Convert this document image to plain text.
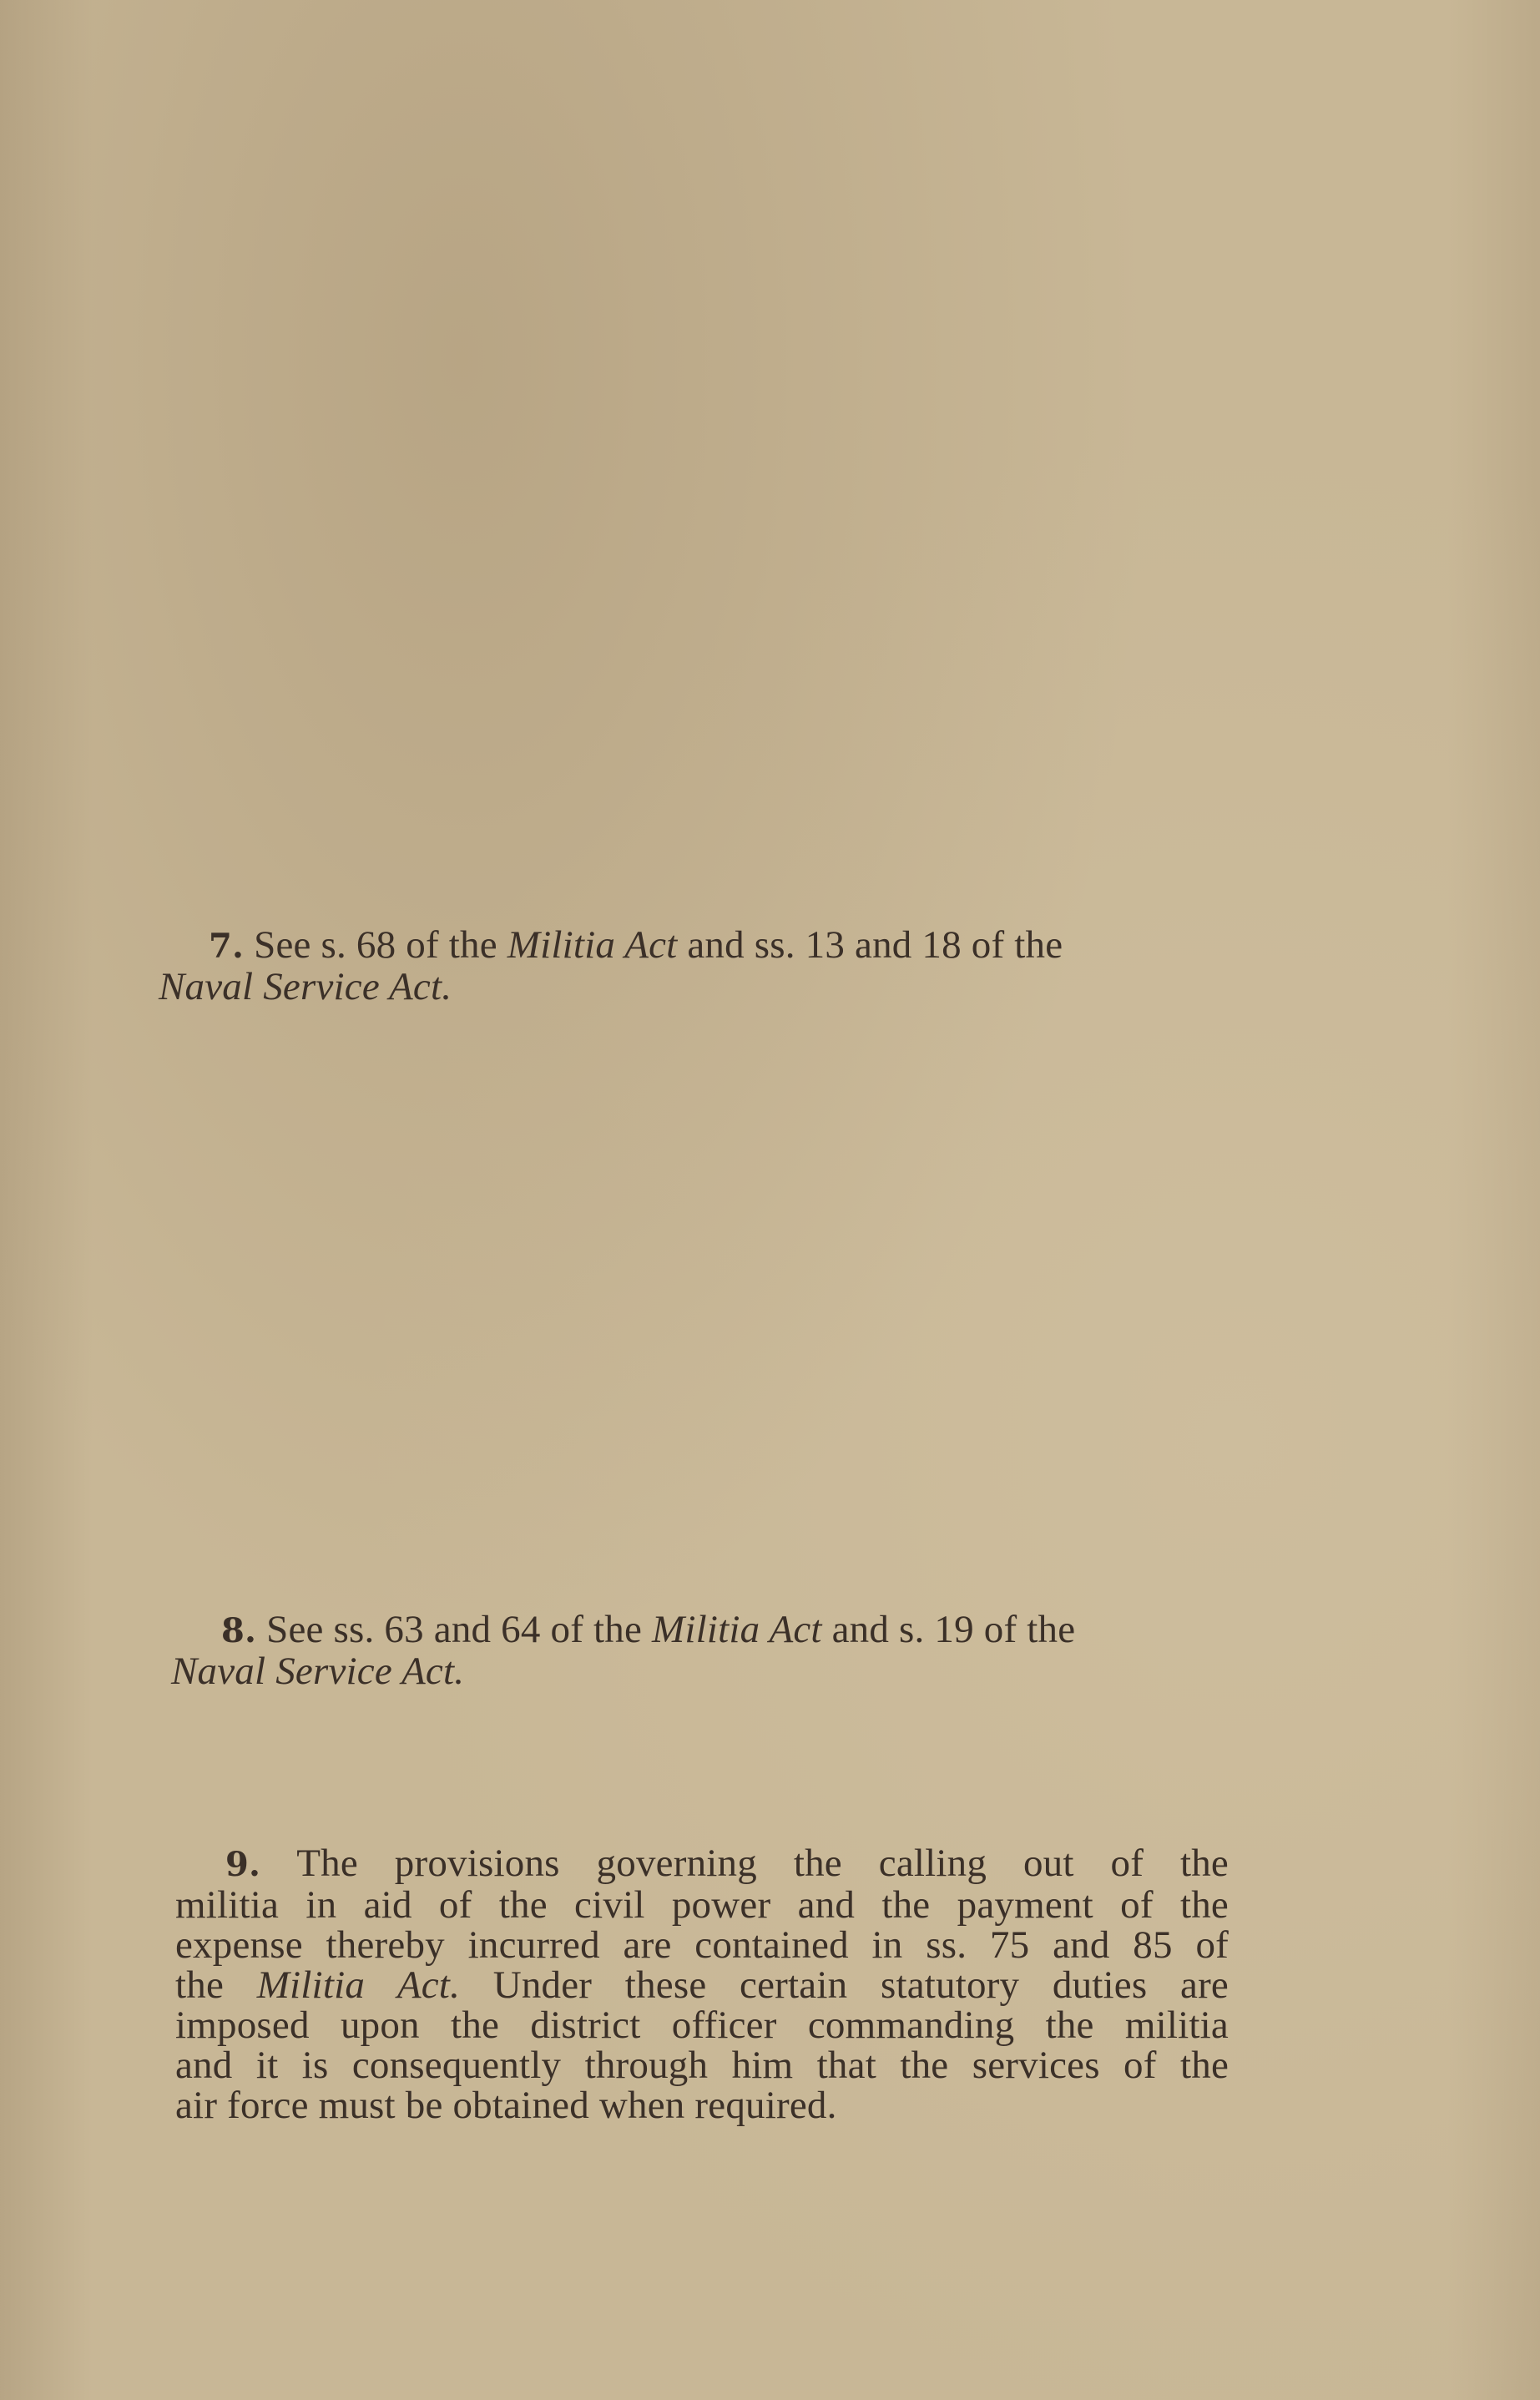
7. See s. 68 of the Militia Act and ss. 13 and 18 of the
Naval Service Act.

8. See ss. 63 and 64 of the Militia Act and s. 19 of the
Naval Service Act.

9. The provisions governing the calling out of the
militia in aid of the civil power and the payment of the
expense thereby incurred are contained in ss. 75 and 85 of
the Militia Act. Under these certain statutory duties are
imposed upon the district officer commanding the militia
and it is consequently through him that the services of the
air force must be obtained when required.
